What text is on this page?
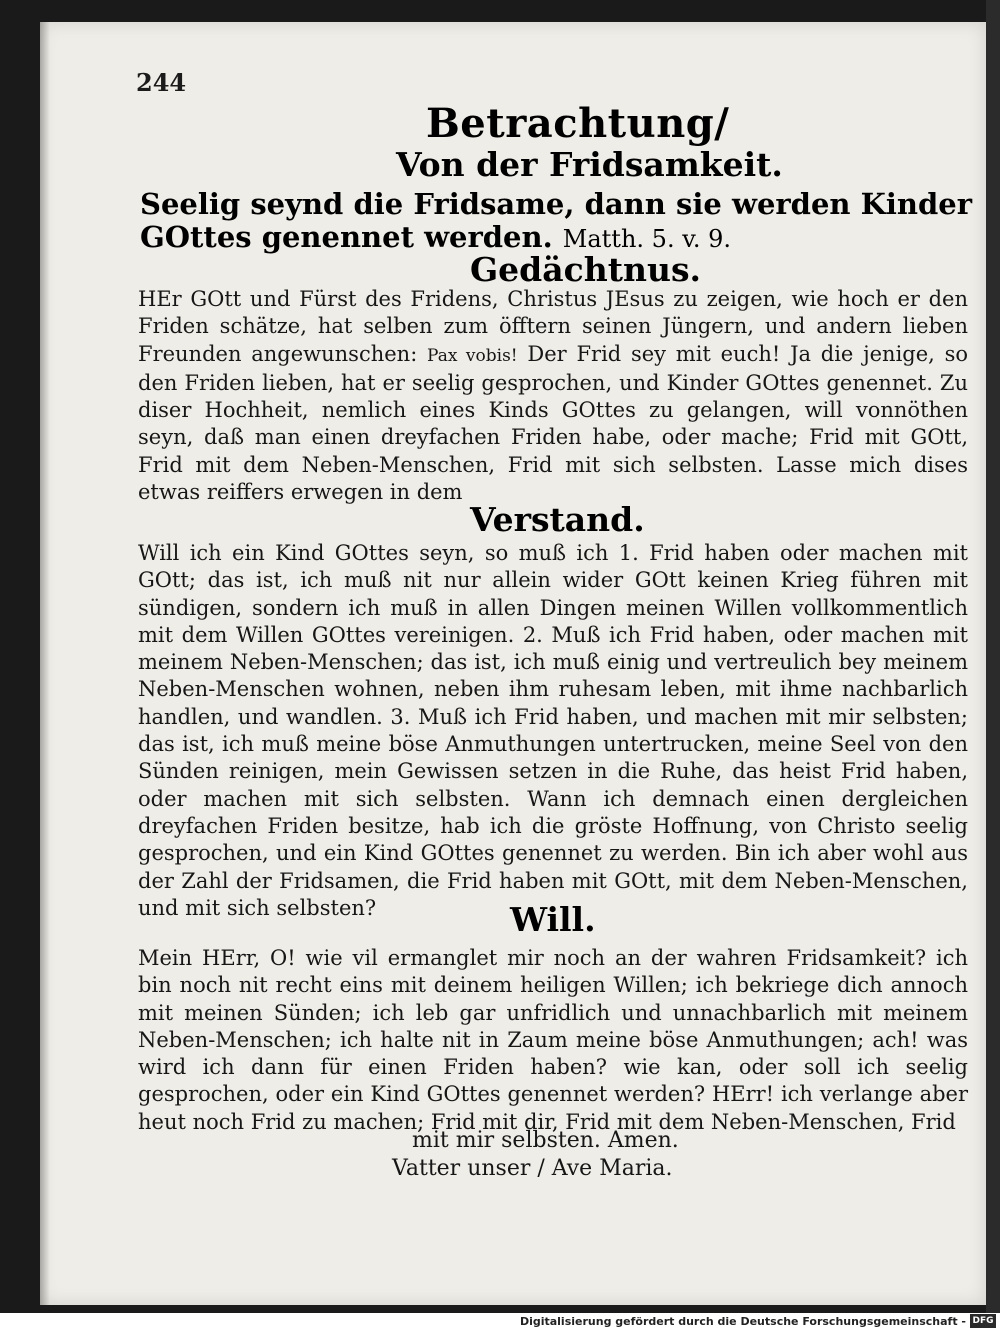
244
Betrachtung/
Von der Fridsamkeit.
Seelig seynd die Fridsame, dann sie werden Kinder GOttes genennet werden. Matth. 5. v. 9.
Gedächtnus.
HEr GOtt und Fürst des Fridens, Christus JEsus zu zeigen, wie hoch er den Friden schätze, hat selben zum öfftern seinen Jüngern, und andern lieben Freunden angewunschen: Pax vobis! Der Frid sey mit euch! Ja die jenige, so den Friden lieben, hat er seelig gesprochen, und Kinder GOttes genennet. Zu diser Hochheit, nemlich eines Kinds GOttes zu gelangen, will vonnöthen seyn, daß man einen dreyfachen Friden habe, oder mache; Frid mit GOtt, Frid mit dem Neben-Menschen, Frid mit sich selbsten. Lasse mich dises etwas reiffers erwegen in dem
Verstand.
Will ich ein Kind GOttes seyn, so muß ich 1. Frid haben oder machen mit GOtt; das ist, ich muß nit nur allein wider GOtt keinen Krieg führen mit sündigen, sondern ich muß in allen Dingen meinen Willen vollkommentlich mit dem Willen GOttes vereinigen. 2. Muß ich Frid haben, oder machen mit meinem Neben-Menschen; das ist, ich muß einig und vertreulich bey meinem Neben-Menschen wohnen, neben ihm ruhesam leben, mit ihme nachbarlich handlen, und wandlen. 3. Muß ich Frid haben, und machen mit mir selbsten; das ist, ich muß meine böse Anmuthungen untertrucken, meine Seel von den Sünden reinigen, mein Gewissen setzen in die Ruhe, das heist Frid haben, oder machen mit sich selbsten. Wann ich demnach einen dergleichen dreyfachen Friden besitze, hab ich die gröste Hoffnung, von Christo seelig gesprochen, und ein Kind GOttes genennet zu werden. Bin ich aber wohl aus der Zahl der Fridsamen, die Frid haben mit GOtt, mit dem Neben-Menschen, und mit sich selbsten?	Will.
Mein HErr, O! wie vil ermanglet mir noch an der wahren Fridsamkeit? ich bin noch nit recht eins mit deinem heiligen Willen; ich bekriege dich annoch mit meinen Sünden; ich leb gar unfridlich und unnachbarlich mit meinem Neben-Menschen; ich halte nit in Zaum meine böse Anmuthungen; ach! was wird ich dann für einen Friden haben? wie kan, oder soll ich seelig gesprochen, oder ein Kind GOttes genennet werden? HErr! ich verlange aber heut noch Frid zu machen; Frid mit dir, Frid mit dem Neben-Menschen, Frid
mit mir selbsten. Amen.
Vatter unser / Ave Maria.
Digitalisierung gefördert durch die Deutsche Forschungsgemeinschaft - DFG
